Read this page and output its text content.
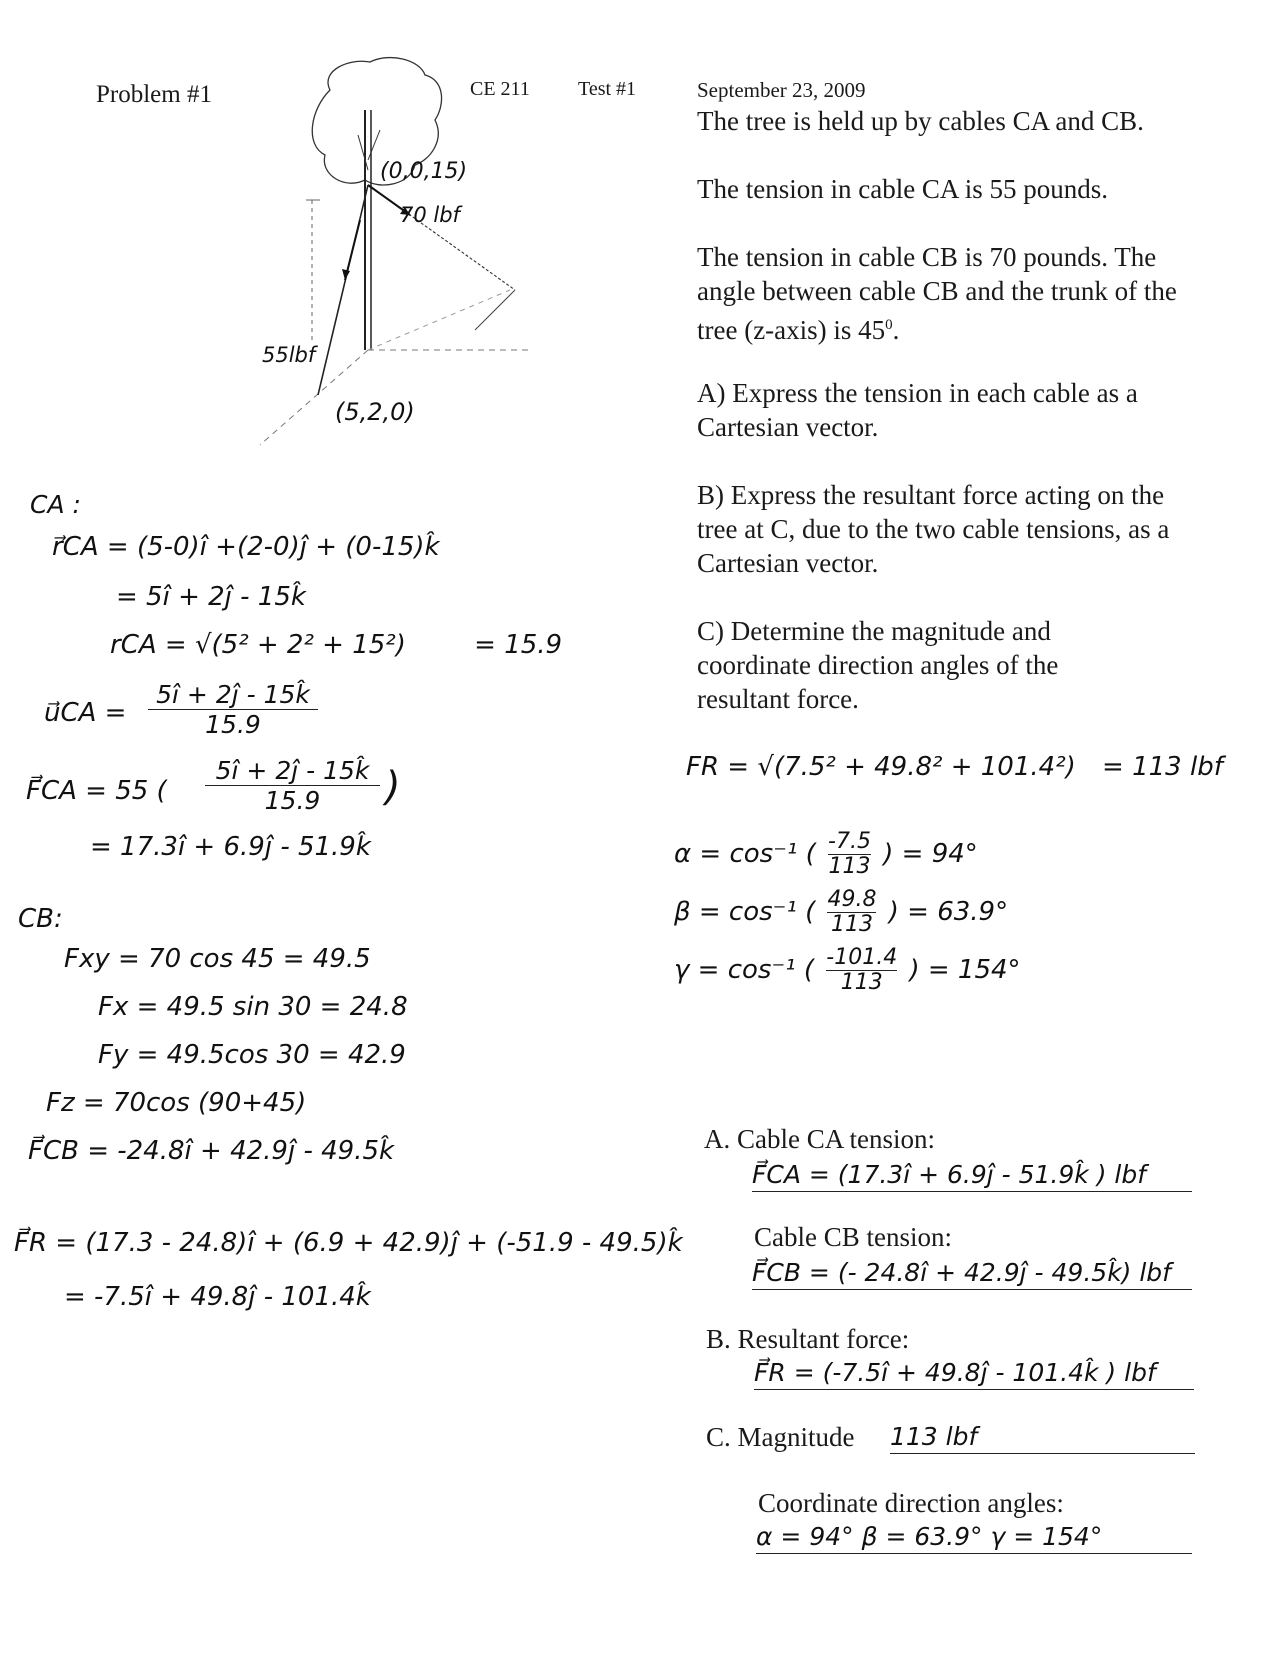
Problem #1	CE 211 Test #1	September 23, 2009
The tree is held up by cables CA and CB.
The tension in cable CA is 55 pounds.
The tension in cable CB is 70 pounds. The angle between cable CB and the trunk of the tree (z-axis) is $45^0$.
A) Express the tension in each cable as a Cartesian vector.
B) Express the resultant force acting on the tree at C, due to the two cable tensions, as a Cartesian vector.
C) Determine the magnitude and coordinate direction angles of the resultant force.
(0,0,15)
70 lbf
55lbf
(5,2,0)
CA :
r⃗CA = (5-0)î +(2-0)ĵ + (0-15)k̂
= 5î + 2ĵ - 15k̂
rCA = √(5² + 2² + 15²)	= 15.9
u⃗CA = $\frac{5î + 2ĵ - 15k̂}{15.9}$
F⃗CA = 55 ( $\frac{5î + 2ĵ - 15k̂}{15.9}$ )
= 17.3î + 6.9ĵ - 51.9k̂
CB:
Fxy = 70 cos 45 = 49.5
Fx = 49.5 sin 30 = 24.8
Fy = 49.5cos 30 = 42.9
Fz = 70cos (90+45)
F⃗CB = -24.8î + 42.9ĵ - 49.5k̂
F⃗R = (17.3 - 24.8)î + (6.9 + 42.9)ĵ + (-51.9 - 49.5)k̂
= -7.5î + 49.8ĵ - 101.4k̂
FR = √(7.5² + 49.8² + 101.4²) = 113 lbf
α = cos⁻¹ ( $\frac{-7.5}{113}$ ) = 94°
β = cos⁻¹ ( $\frac{49.8}{113}$ ) = 63.9°
γ = cos⁻¹ ( $\frac{-101.4}{113}$ ) = 154°
A. Cable CA tension:
F⃗CA = (17.3î + 6.9ĵ - 51.9k̂ ) lbf
Cable CB tension:
F⃗CB = (- 24.8î + 42.9ĵ - 49.5k̂) lbf
B. Resultant force:
F⃗R = (-7.5î + 49.8ĵ - 101.4k̂ ) lbf
C. Magnitude 113 lbf
Coordinate direction angles:
α = 94° β = 63.9° γ = 154°
